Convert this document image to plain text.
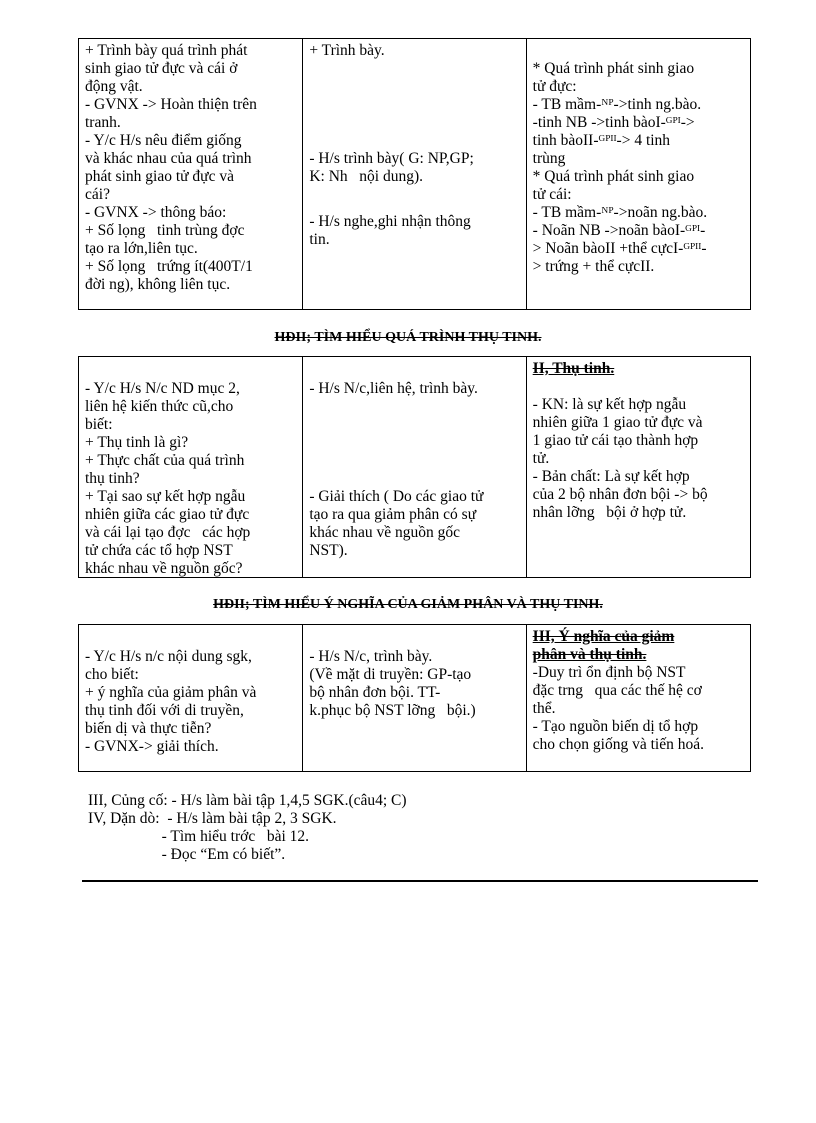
+ Trình bày quá trình phát
sinh giao tử đực và cái ở
động vật.
- GVNX -> Hoàn thiện trên
tranh.
- Y/c H/s nêu điểm giống
và khác nhau của quá trình
phát sinh giao tử đực và
cái?
- GVNX -> thông báo:
+ Số lọng   tinh trùng đợc
tạo ra lớn,liên tục.
+ Số lọng   trứng ít(400T/1
đời ng), không liên tục.
+ Trình bày.
- H/s trình bày( G: NP,GP;
K: Nh   nội dung).
- H/s nghe,ghi nhận thông
tin.
* Quá trình phát sinh giao
tử đực:
- TB mầm-ᴺᴾ->tinh ng.bào.
-tinh NB ->tinh bàoI-ᴳᴾᴵ->
tinh bàoII-ᴳᴾᴵᴵ-> 4 tinh
trùng
* Quá trình phát sinh giao
tử cái:
- TB mầm-ᴺᴾ->noãn ng.bào.
- Noãn NB ->noãn bàoI-ᴳᴾᴵ-
> Noãn bàoII +thể cựcI-ᴳᴾᴵᴵ-
> trứng + thể cựcII.
HĐII; TÌM HIỂU QUÁ TRÌNH THỤ TINH.
- Y/c H/s N/c ND mục 2,
liên hệ kiến thức cũ,cho
biết:
+ Thụ tinh là gì?
+ Thực chất của quá trình
thụ tinh?
+ Tại sao sự kết hợp ngẫu
nhiên giữa các giao tử đực
và cái lại tạo đợc   các hợp
tử chứa các tổ hợp NST
khác nhau về nguồn gốc?
- H/s N/c,liên hệ, trình bày.
- Giải thích ( Do các giao tử
tạo ra qua giảm phân có sự
khác nhau về nguồn gốc
NST).
II, Thụ tinh.
- KN: là sự kết hợp ngẫu
nhiên giữa 1 giao tử đực và
1 giao tử cái tạo thành hợp
tử.
- Bản chất: Là sự kết hợp
của 2 bộ nhân đơn bội -> bộ
nhân lỡng   bội ở hợp tử.
HĐII; TÌM HIỂU Ý NGHĨA CỦA GIẢM PHÂN VÀ THỤ TINH.
- Y/c H/s n/c nội dung sgk,
cho biết:
+ ý nghĩa của giảm phân và
thụ tinh đối với di truyền,
biến dị và thực tiễn?
- GVNX-> giải thích.
- H/s N/c, trình bày.
(Về mặt di truyền: GP-tạo
bộ nhân đơn bội. TT-
k.phục bộ NST lỡng   bội.)
III, Ý nghĩa của giảm
phân và thụ tinh.
-Duy trì ổn định bộ NST
đặc trng   qua các thế hệ cơ
thể.
- Tạo nguồn biến dị tổ hợp
cho chọn giống và tiến hoá.
III, Củng cố: - H/s làm bài tập 1,4,5 SGK.(câu4; C)
IV, Dặn dò:  - H/s làm bài tập 2, 3 SGK.
- Tìm hiểu trớc   bài 12.
- Đọc “Em có biết”.
